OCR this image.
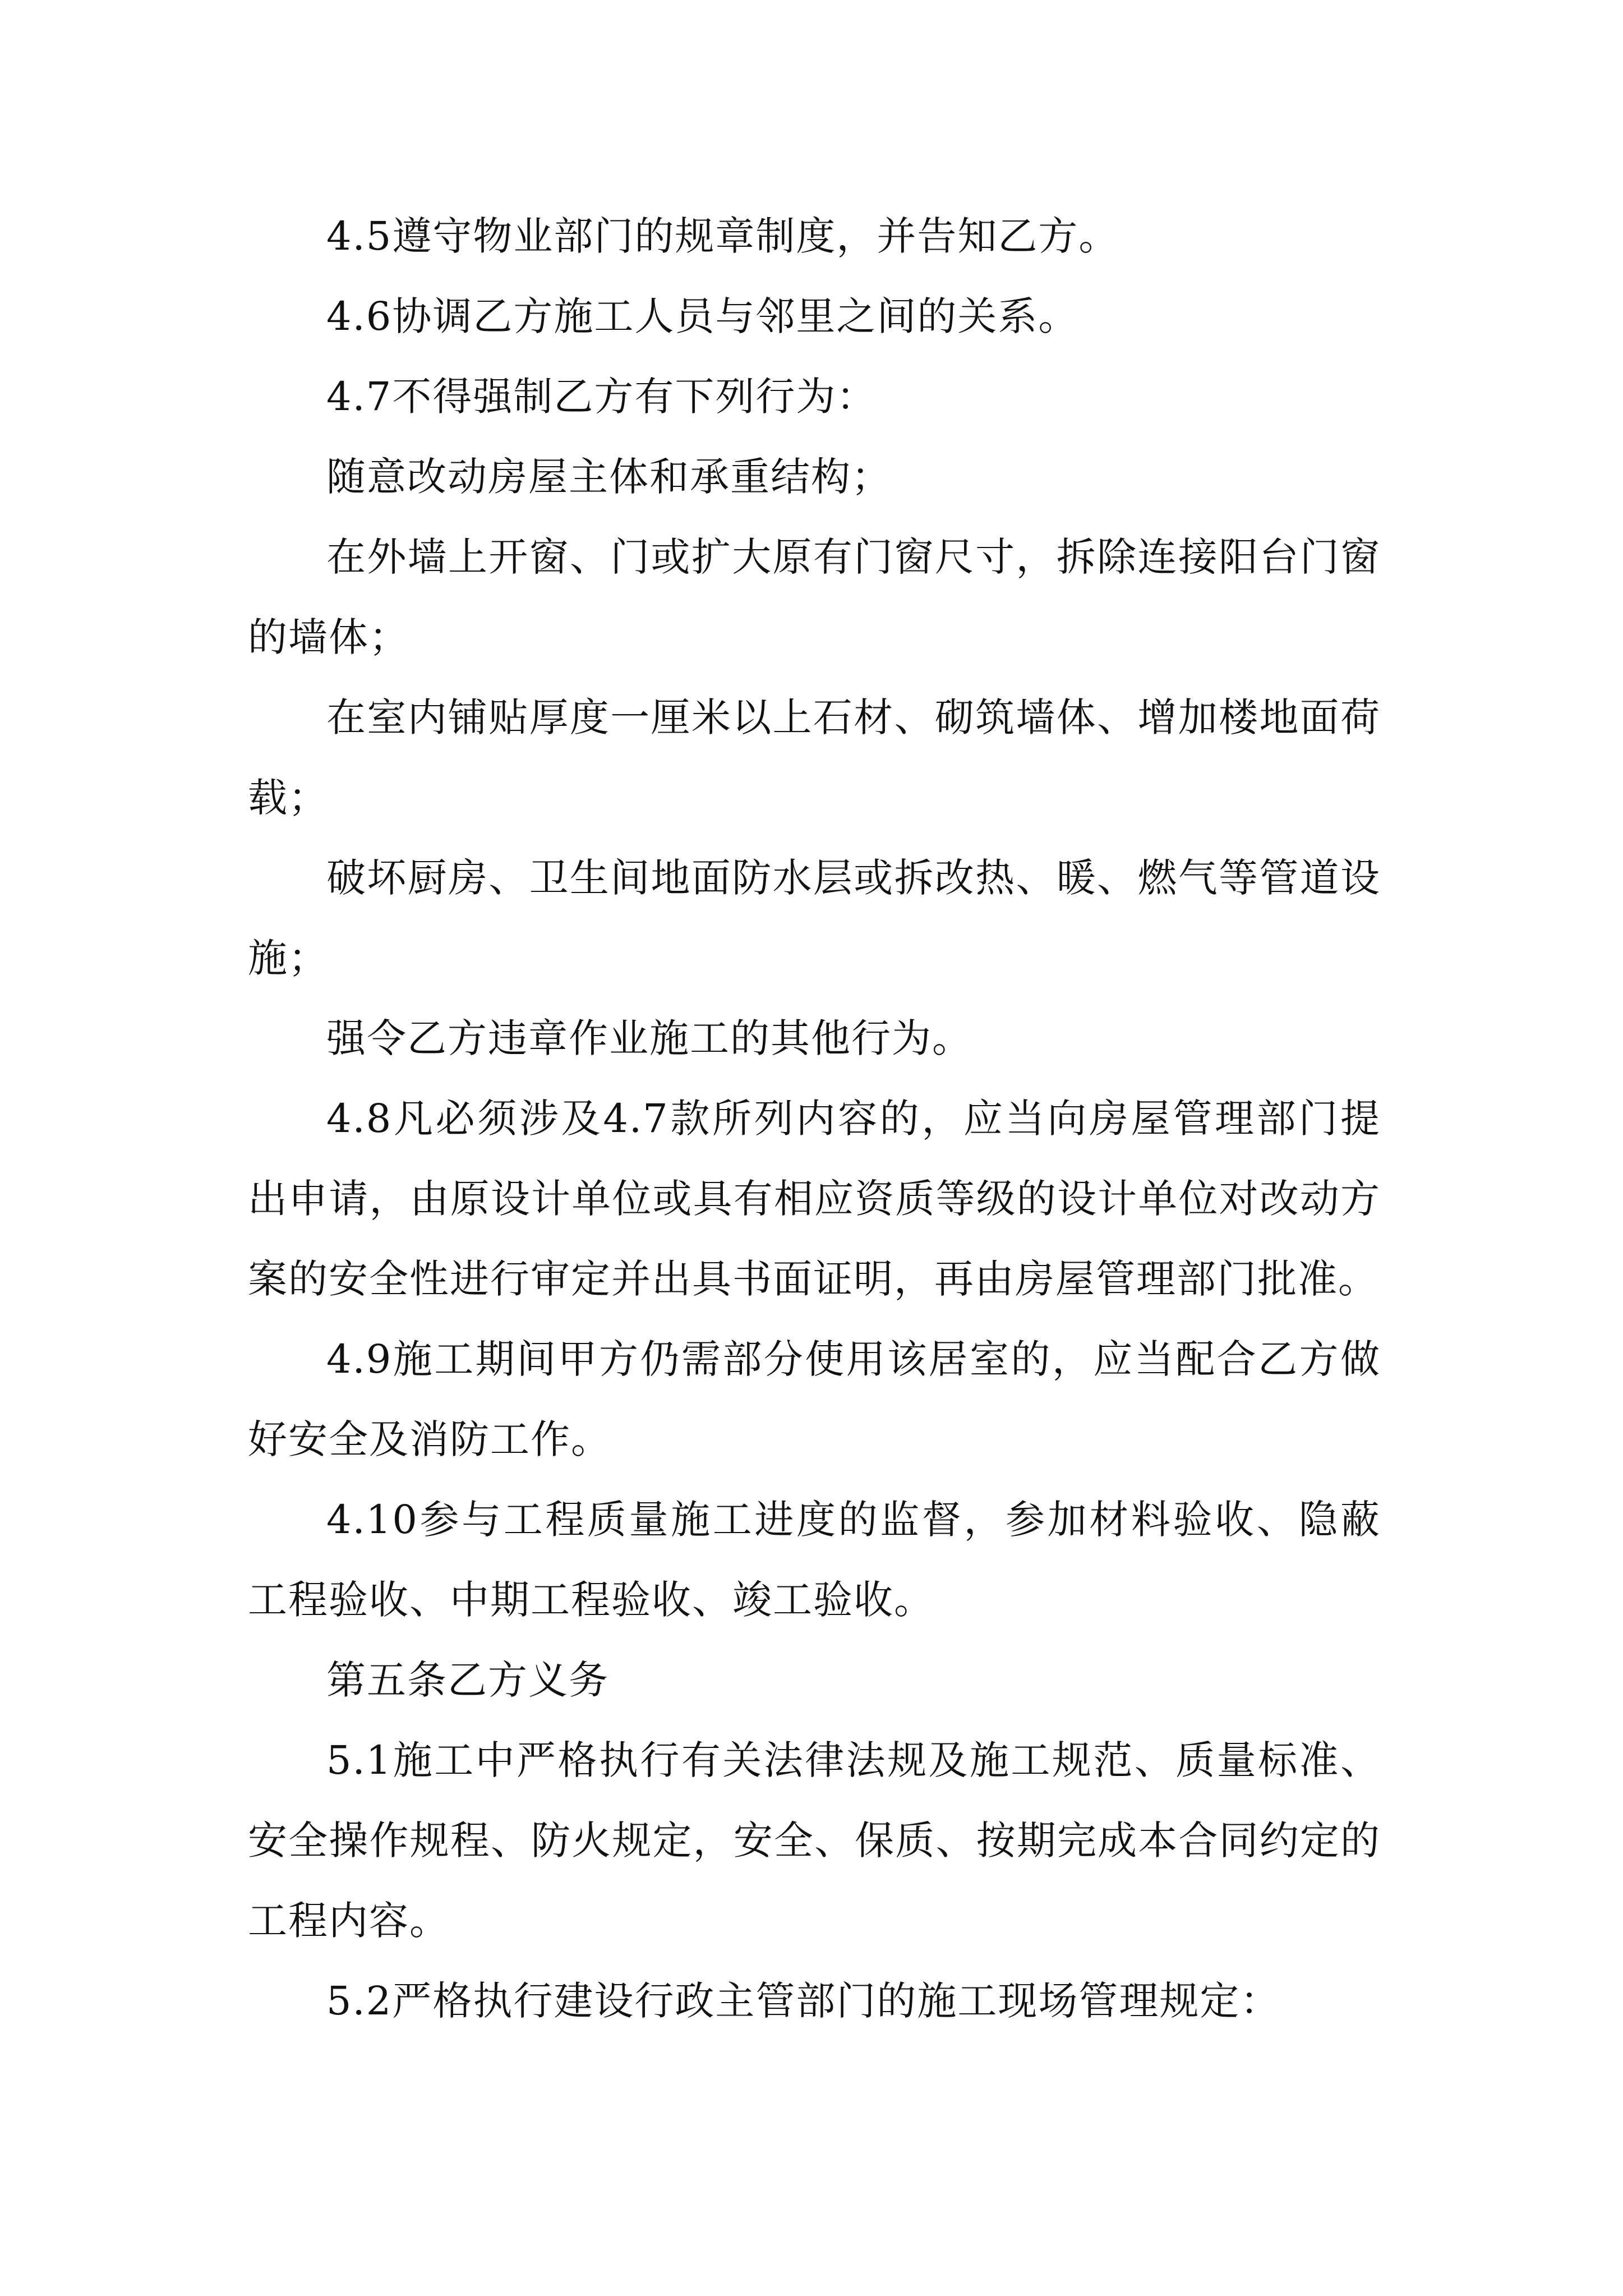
4.5遵守物业部门的规章制度，并告知乙方。

4.6协调乙方施工人员与邻里之间的关系。

4.7不得强制乙方有下列行为：

随意改动房屋主体和承重结构；

在外墙上开窗、门或扩大原有门窗尺寸，拆除连接阳台门窗的墙体；

在室内铺贴厚度一厘米以上石材、砌筑墙体、增加楼地面荷载；

破坏厨房、卫生间地面防水层或拆改热、暖、燃气等管道设施；

强令乙方违章作业施工的其他行为。

4.8凡必须涉及4.7款所列内容的，应当向房屋管理部门提出申请，由原设计单位或具有相应资质等级的设计单位对改动方案的安全性进行审定并出具书面证明，再由房屋管理部门批准。

4.9施工期间甲方仍需部分使用该居室的，应当配合乙方做好安全及消防工作。

4.10参与工程质量施工进度的监督，参加材料验收、隐蔽工程验收、中期工程验收、竣工验收。

第五条乙方义务

5.1施工中严格执行有关法律法规及施工规范、质量标准、安全操作规程、防火规定，安全、保质、按期完成本合同约定的工程内容。

5.2严格执行建设行政主管部门的施工现场管理规定：
